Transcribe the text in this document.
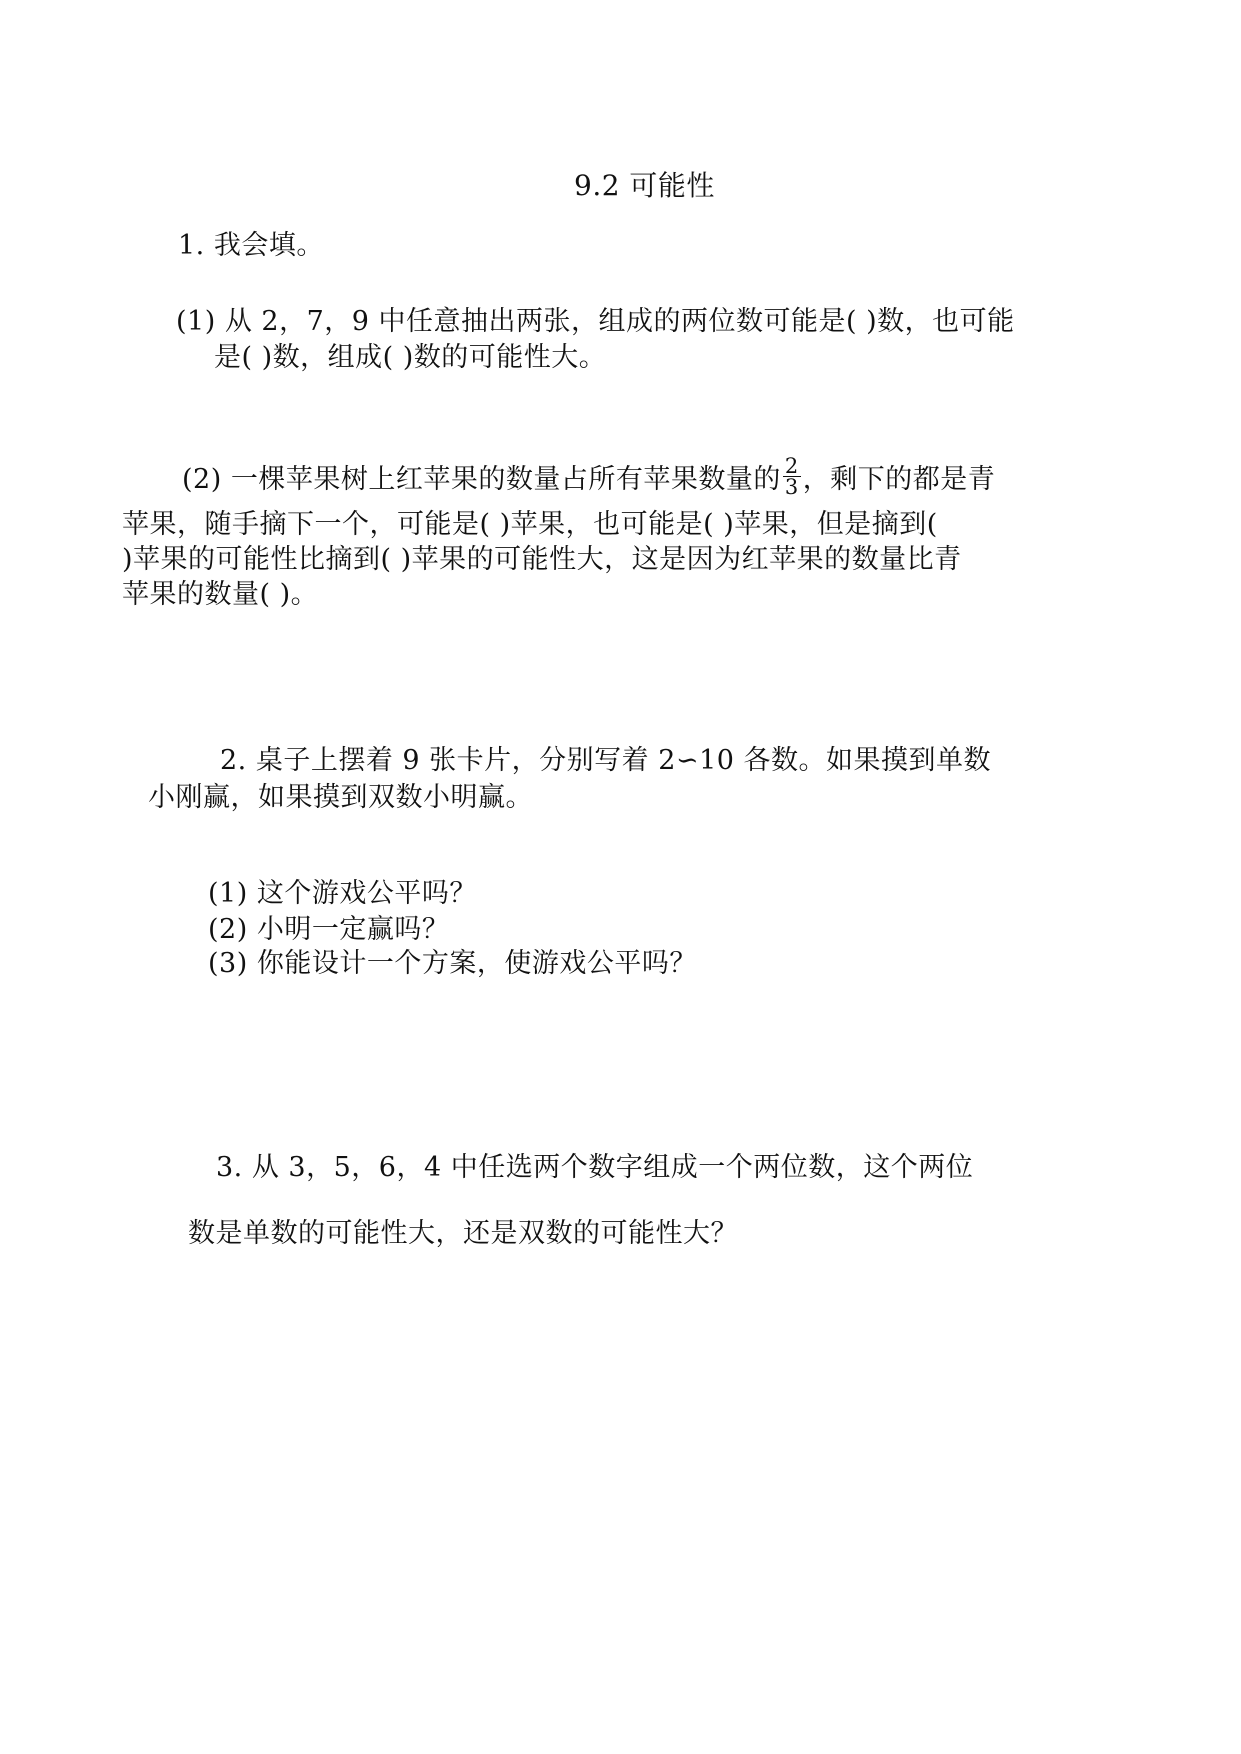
9.2 可能性
1. 我会填。
(1) 从 2，7，9 中任意抽出两张，组成的两位数可能是( )数，也可能
是( )数，组成( )数的可能性大。
(2) 一棵苹果树上红苹果的数量占所有苹果数量的 $\frac{2}{3}$ ，剩下的都是青
苹果，随手摘下一个，可能是( )苹果，也可能是( )苹果，但是摘到(
)苹果的可能性比摘到( )苹果的可能性大，这是因为红苹果的数量比青
苹果的数量( )。
2. 桌子上摆着 9 张卡片，分别写着 2∽10 各数。如果摸到单数
小刚赢，如果摸到双数小明赢。
(1) 这个游戏公平吗？
(2) 小明一定赢吗？
(3) 你能设计一个方案，使游戏公平吗？
3. 从 3，5，6，4 中任选两个数字组成一个两位数，这个两位
数是单数的可能性大，还是双数的可能性大？
